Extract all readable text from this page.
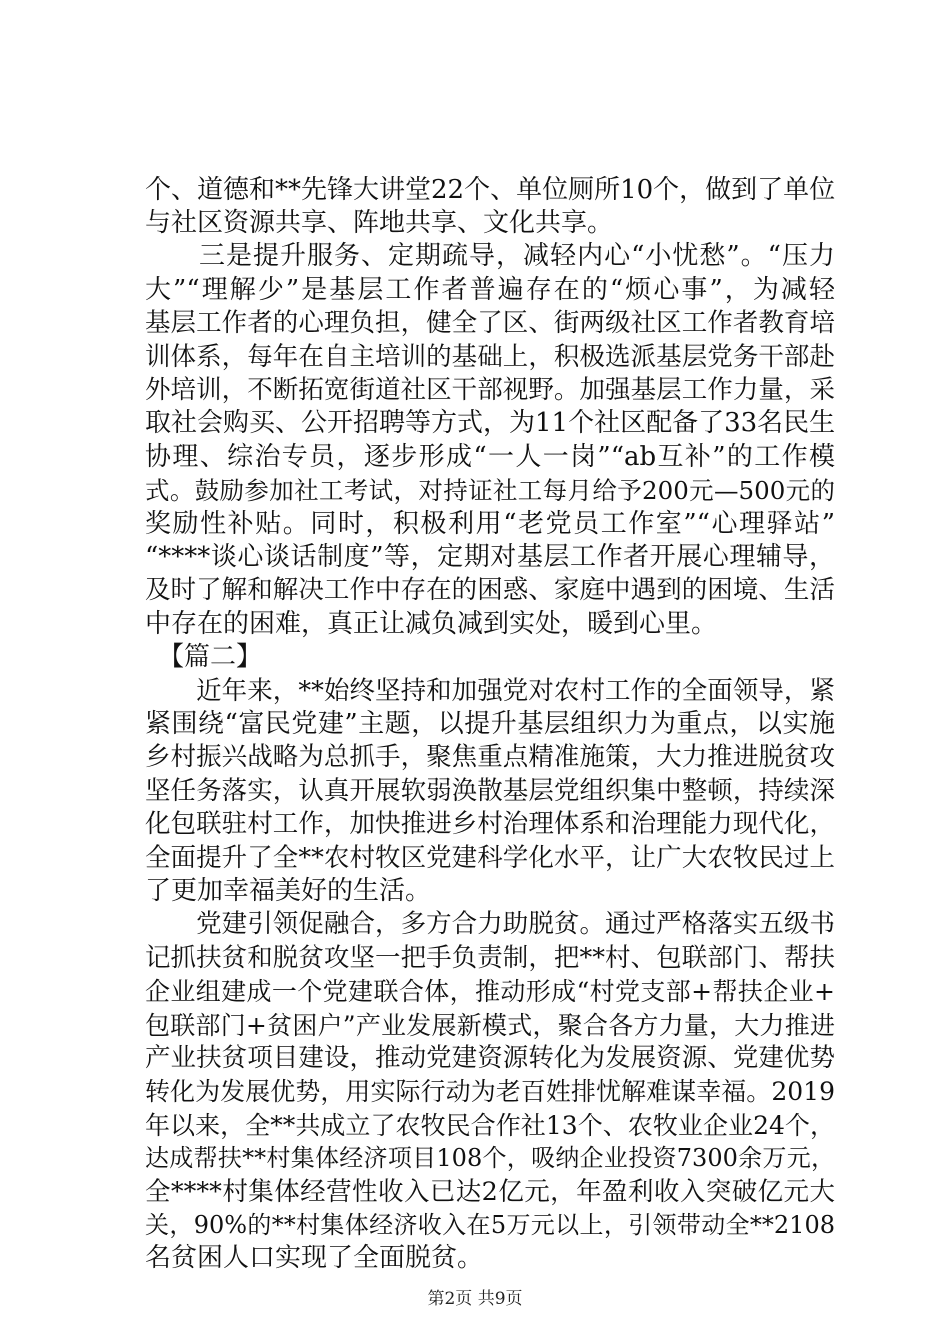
个、道德和**先锋大讲堂22个、单位厕所10个，做到了单位
与社区资源共享、阵地共享、文化共享。
　　三是提升服务、定期疏导，减轻内心“小忧愁”。“压力
大”“理解少”是基层工作者普遍存在的“烦心事”，为减轻
基层工作者的心理负担，健全了区、街两级社区工作者教育培
训体系，每年在自主培训的基础上，积极选派基层党务干部赴
外培训，不断拓宽街道社区干部视野。加强基层工作力量，采
取社会购买、公开招聘等方式，为11个社区配备了33名民生
协理、综治专员，逐步形成“一人一岗”“ab互补”的工作模
式。鼓励参加社工考试，对持证社工每月给予200元—500元的
奖励性补贴。同时，积极利用“老党员工作室”“心理驿站”
“****谈心谈话制度”等，定期对基层工作者开展心理辅导，
及时了解和解决工作中存在的困惑、家庭中遇到的困境、生活
中存在的困难，真正让减负减到实处，暖到心里。
　【篇二】
　　近年来，**始终坚持和加强党对农村工作的全面领导，紧
紧围绕“富民党建”主题，以提升基层组织力为重点，以实施
乡村振兴战略为总抓手，聚焦重点精准施策，大力推进脱贫攻
坚任务落实，认真开展软弱涣散基层党组织集中整顿，持续深
化包联驻村工作，加快推进乡村治理体系和治理能力现代化，
全面提升了全**农村牧区党建科学化水平，让广大农牧民过上
了更加幸福美好的生活。
　　党建引领促融合，多方合力助脱贫。通过严格落实五级书
记抓扶贫和脱贫攻坚一把手负责制，把**村、包联部门、帮扶
企业组建成一个党建联合体，推动形成“村党支部+帮扶企业+
包联部门+贫困户”产业发展新模式，聚合各方力量，大力推进
产业扶贫项目建设，推动党建资源转化为发展资源、党建优势
转化为发展优势，用实际行动为老百姓排忧解难谋幸福。2019
年以来，全**共成立了农牧民合作社13个、农牧业企业24个，
达成帮扶**村集体经济项目108个，吸纳企业投资7300余万元，
全****村集体经营性收入已达2亿元，年盈利收入突破亿元大
关，90%的**村集体经济收入在5万元以上，引领带动全**2108
名贫困人口实现了全面脱贫。
第2页 共9页
